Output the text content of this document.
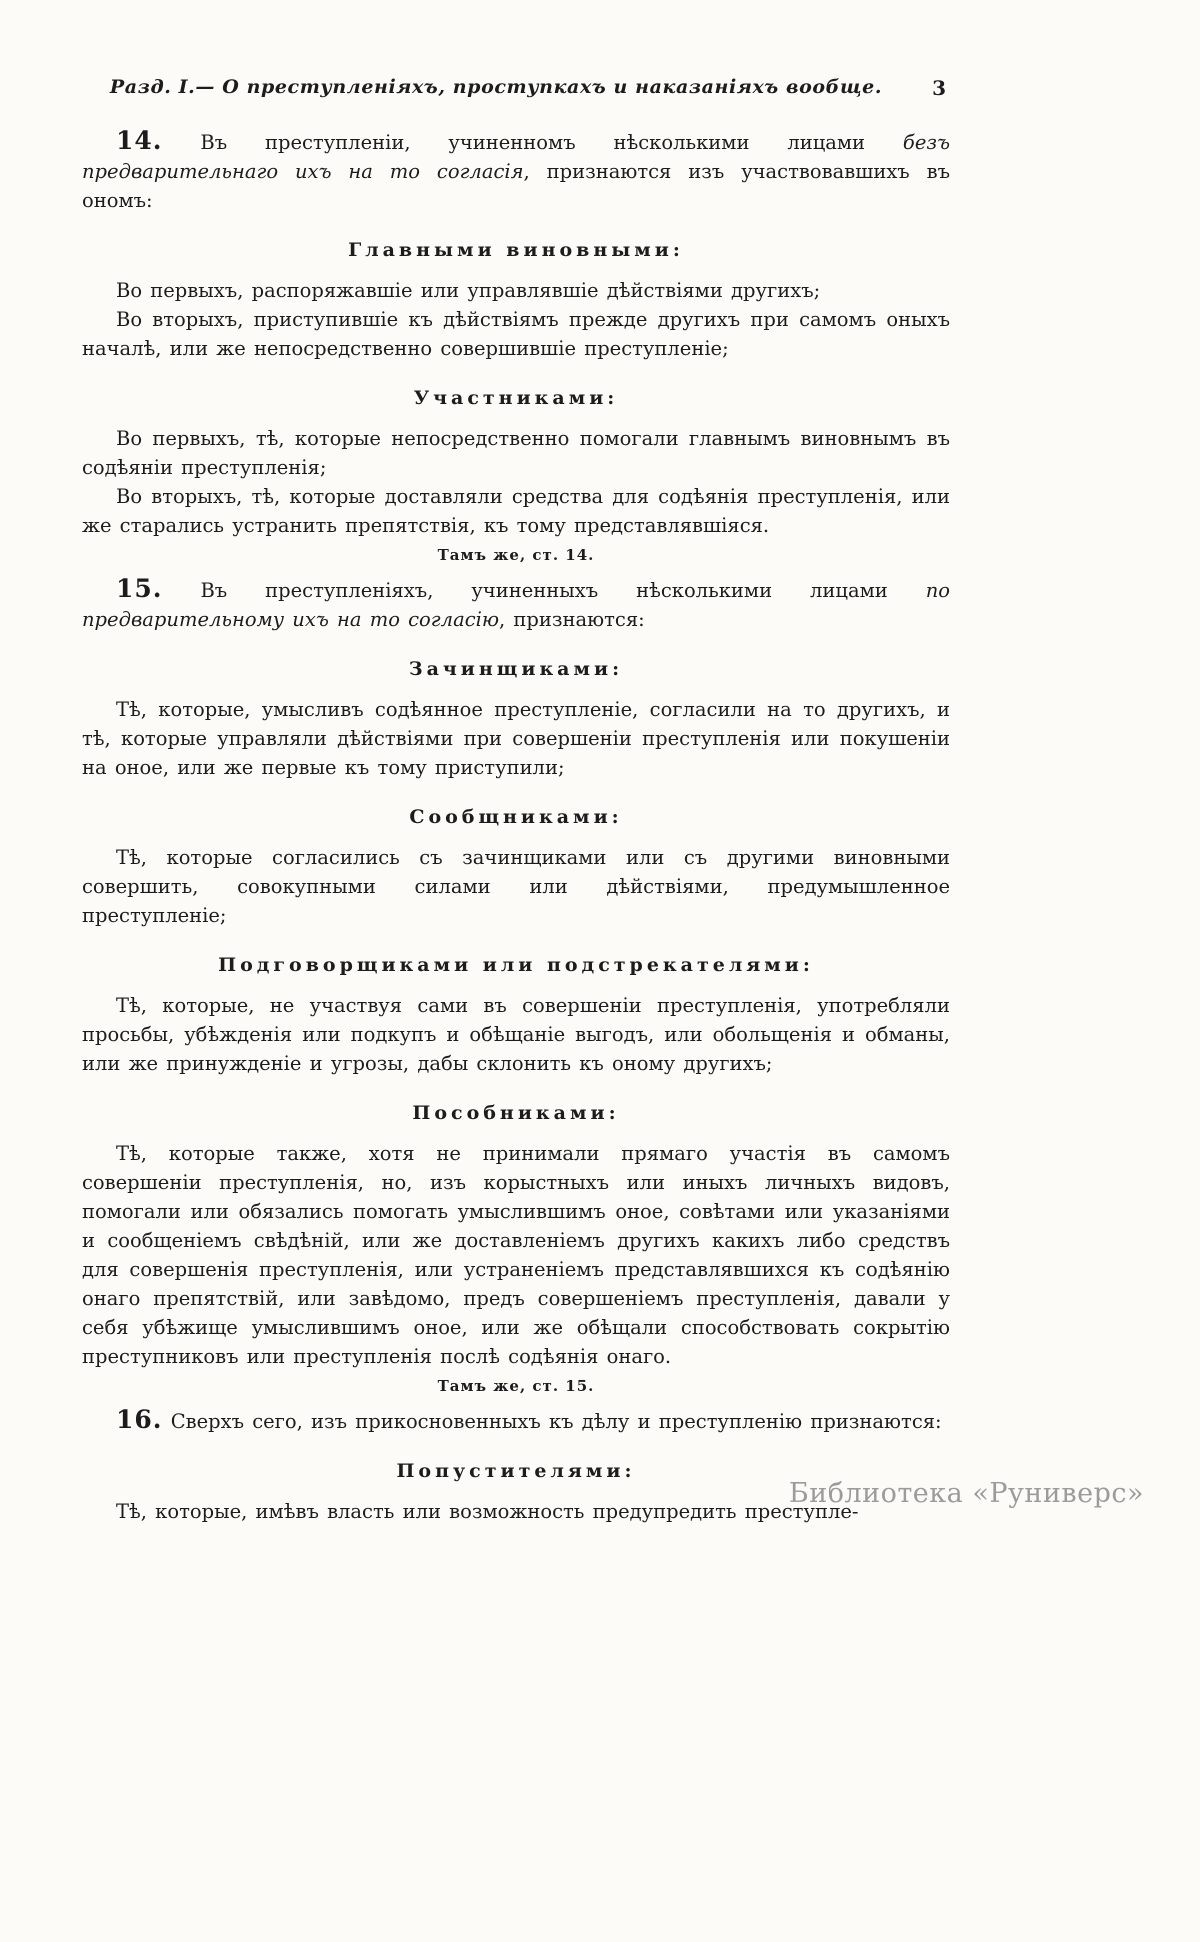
Разд. I.— О преступленіяхъ, проступкахъ и наказаніяхъ вообще.	3

14. Въ преступленіи, учиненномъ нѣсколькими лицами безъ предварительнаго ихъ на то согласія, признаются изъ участвовавшихъ въ ономъ:

Главными виновными:

Во первыхъ, распоряжавшіе или управлявшіе дѣйствіями другихъ;

Во вторыхъ, приступившіе къ дѣйствіямъ прежде другихъ при самомъ оныхъ началѣ, или же непосредственно совершившіе преступленіе;

Участниками:

Во первыхъ, тѣ, которые непосредственно помогали главнымъ виновнымъ въ содѣяніи преступленія;

Во вторыхъ, тѣ, которые доставляли средства для содѣянія преступленія, или же старались устранить препятствія, къ тому представлявшіяся.

Тамъ же, ст. 14.

15. Въ преступленіяхъ, учиненныхъ нѣсколькими лицами по предварительному ихъ на то согласію, признаются:

Зачинщиками:

Тѣ, которые, умысливъ содѣянное преступленіе, согласили на то другихъ, и тѣ, которые управляли дѣйствіями при совершеніи преступленія или покушеніи на оное, или же первые къ тому приступили;

Сообщниками:

Тѣ, которые согласились съ зачинщиками или съ другими виновными совершить, совокупными силами или дѣйствіями, предумышленное преступленіе;

Подговорщиками или подстрекателями:

Тѣ, которые, не участвуя сами въ совершеніи преступленія, употребляли просьбы, убѣжденія или подкупъ и обѣщаніе выгодъ, или обольщенія и обманы, или же принужденіе и угрозы, дабы склонить къ оному другихъ;

Пособниками:

Тѣ, которые также, хотя не принимали прямаго участія въ самомъ совершеніи преступленія, но, изъ корыстныхъ или иныхъ личныхъ видовъ, помогали или обязались помогать умыслившимъ оное, совѣтами или указаніями и сообщеніемъ свѣдѣній, или же доставленіемъ другихъ какихъ либо средствъ для совершенія преступленія, или устраненіемъ представлявшихся къ содѣянію онаго препятствій, или завѣдомо, предъ совершеніемъ преступленія, давали у себя убѣжище умыслившимъ оное, или же обѣщали способствовать сокрытію преступниковъ или преступленія послѣ содѣянія онаго.

Тамъ же, ст. 15.

16. Сверхъ сего, изъ прикосновенныхъ къ дѣлу и преступленію признаются:

Попустителями:

Тѣ, которые, имѣвъ власть или возможность предупредить преступле-

Библиотека «Руниверс»
